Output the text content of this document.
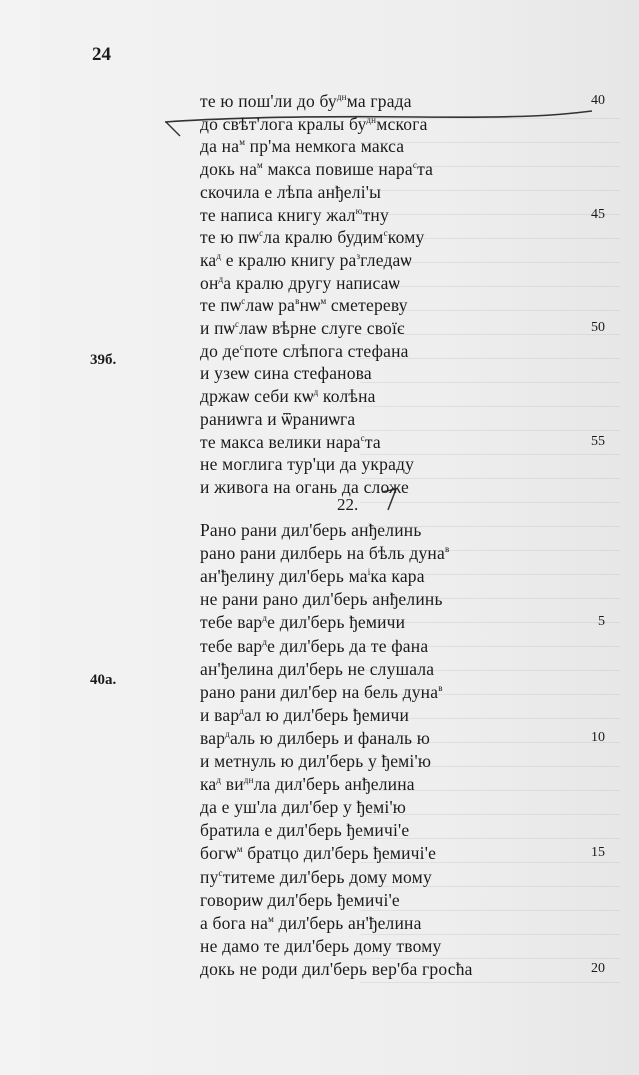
24
22.
39б.
40а.
те ю пош'ли до $бу^{дн}ма$ града
до свѣт'лога кралы $бу^{дн}мскога$
да $на^м$ пр'ма немкога макса
докь $на^м$ макса повише нара$^с$та
скочила е лѣпа анђелі'ы
те написа книгу жал$^ю$тну
те ю $пѡ^сла$ кралю будим$^с$кому
$ка^д$ е кралю книгу $ра^згледаѡ$
$он^да$ кралю другу написаѡ
те $пѡ^слаѡ$ $ра^внѡ^м$ сметереву
и $пѡ^слаѡ$ вѣрне слуге своїє
до $де^споте$ слѣпога стефана
и узеѡ сина стефанова
држаѡ себи $кѡ^д$ колѣна
раниѡга и ѿраниѡга
те макса велики нара$^с$та
не моглига тур'ци да украду
и живога на огань да сложе
Рано рани дил'берь анђелинь
рано рани дилберь на бѣль дуна$^в$
ан'ђелину дил'берь $ма^іка$ кара
не рани рано дил'берь анђелинь
тебе вар$^д$е дил'берь ђемичи
тебе вар$^д$е дил'берь да те фана
ан'ђелина дил'берь не слушала
рано рани дил'бер на бель дуна$^в$
и вар$^д$ал ю дил'берь ђемичи
вар$^д$аль ю дилберь и фаналь ю
и метнуль ю дил'берь у ђемі'ю
$ка^д$ $ви^{дн}ла$ дил'берь анђелина
да е уш'ла дил'бер у ђемі'ю
братила е дил'берь ђемичі'е
богѡ$^м$ братцо дил'берь ђемичі'е
$пу^ститеме$ дил'берь дому мому
говориѡ дил'берь ђемичі'е
а бога $на^м$ дил'берь ан'ђелина
не дамо те дил'берь дому твому
докь не роди дил'берь вер'ба гросћа
40
45
50
55
5
10
15
20
